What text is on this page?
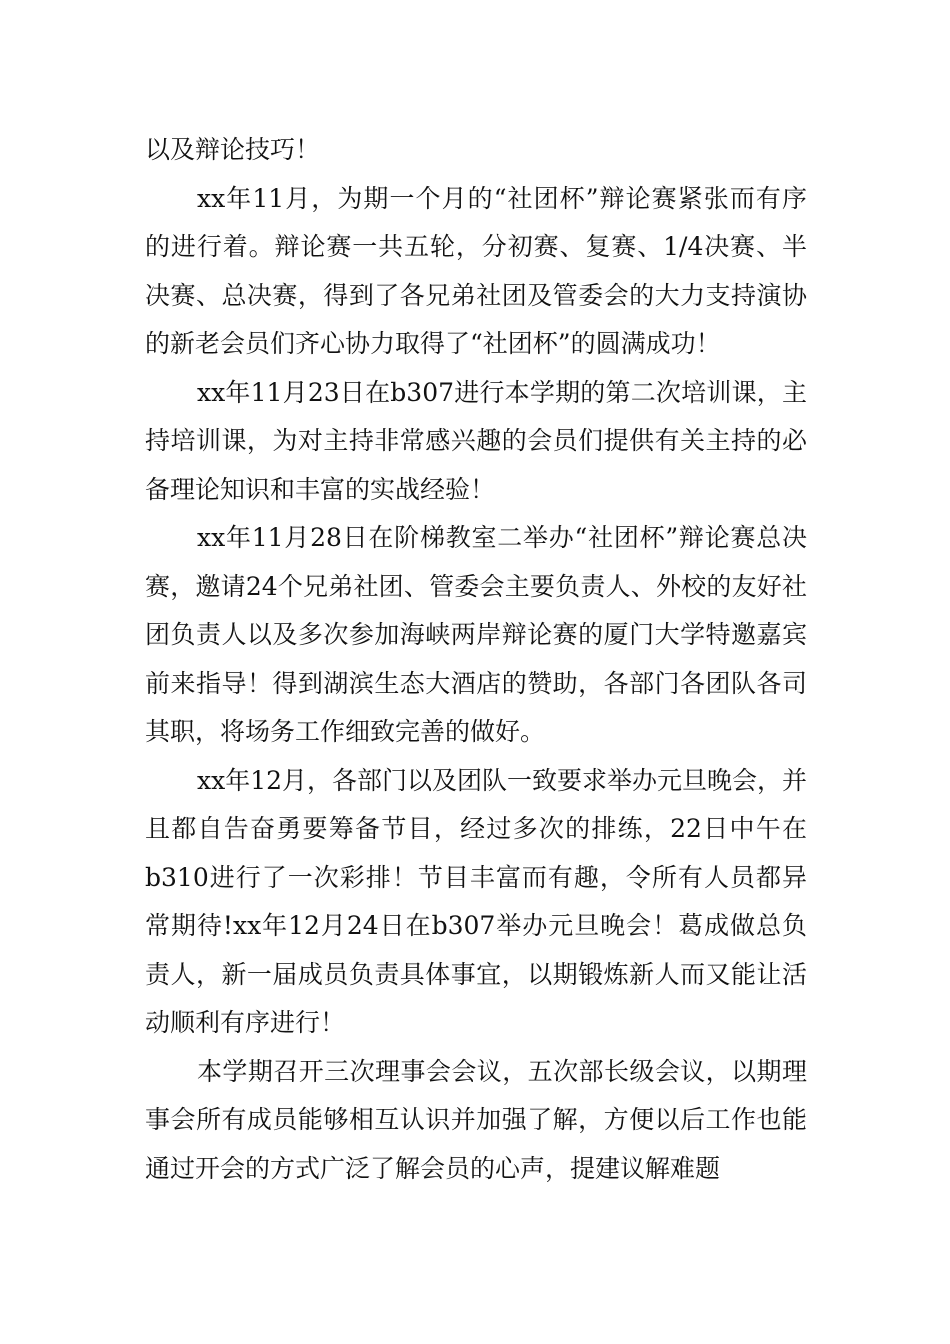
以及辩论技巧！

xx年11月，为期一个月的“社团杯”辩论赛紧张而有序的进行着。辩论赛一共五轮，分初赛、复赛、1/4决赛、半决赛、总决赛，得到了各兄弟社团及管委会的大力支持演协的新老会员们齐心协力取得了“社团杯”的圆满成功！

xx年11月23日在b307进行本学期的第二次培训课，主持培训课，为对主持非常感兴趣的会员们提供有关主持的必备理论知识和丰富的实战经验！

xx年11月28日在阶梯教室二举办“社团杯”辩论赛总决赛，邀请24个兄弟社团、管委会主要负责人、外校的友好社团负责人以及多次参加海峡两岸辩论赛的厦门大学特邀嘉宾前来指导！得到湖滨生态大酒店的赞助，各部门各团队各司其职，将场务工作细致完善的做好。

xx年12月，各部门以及团队一致要求举办元旦晚会，并且都自告奋勇要筹备节目，经过多次的排练，22日中午在b310进行了一次彩排！节目丰富而有趣，令所有人员都异常期待!xx年12月24日在b307举办元旦晚会！葛成做总负责人，新一届成员负责具体事宜，以期锻炼新人而又能让活动顺利有序进行！

本学期召开三次理事会会议，五次部长级会议，以期理事会所有成员能够相互认识并加强了解，方便以后工作也能通过开会的方式广泛了解会员的心声，提建议解难题
